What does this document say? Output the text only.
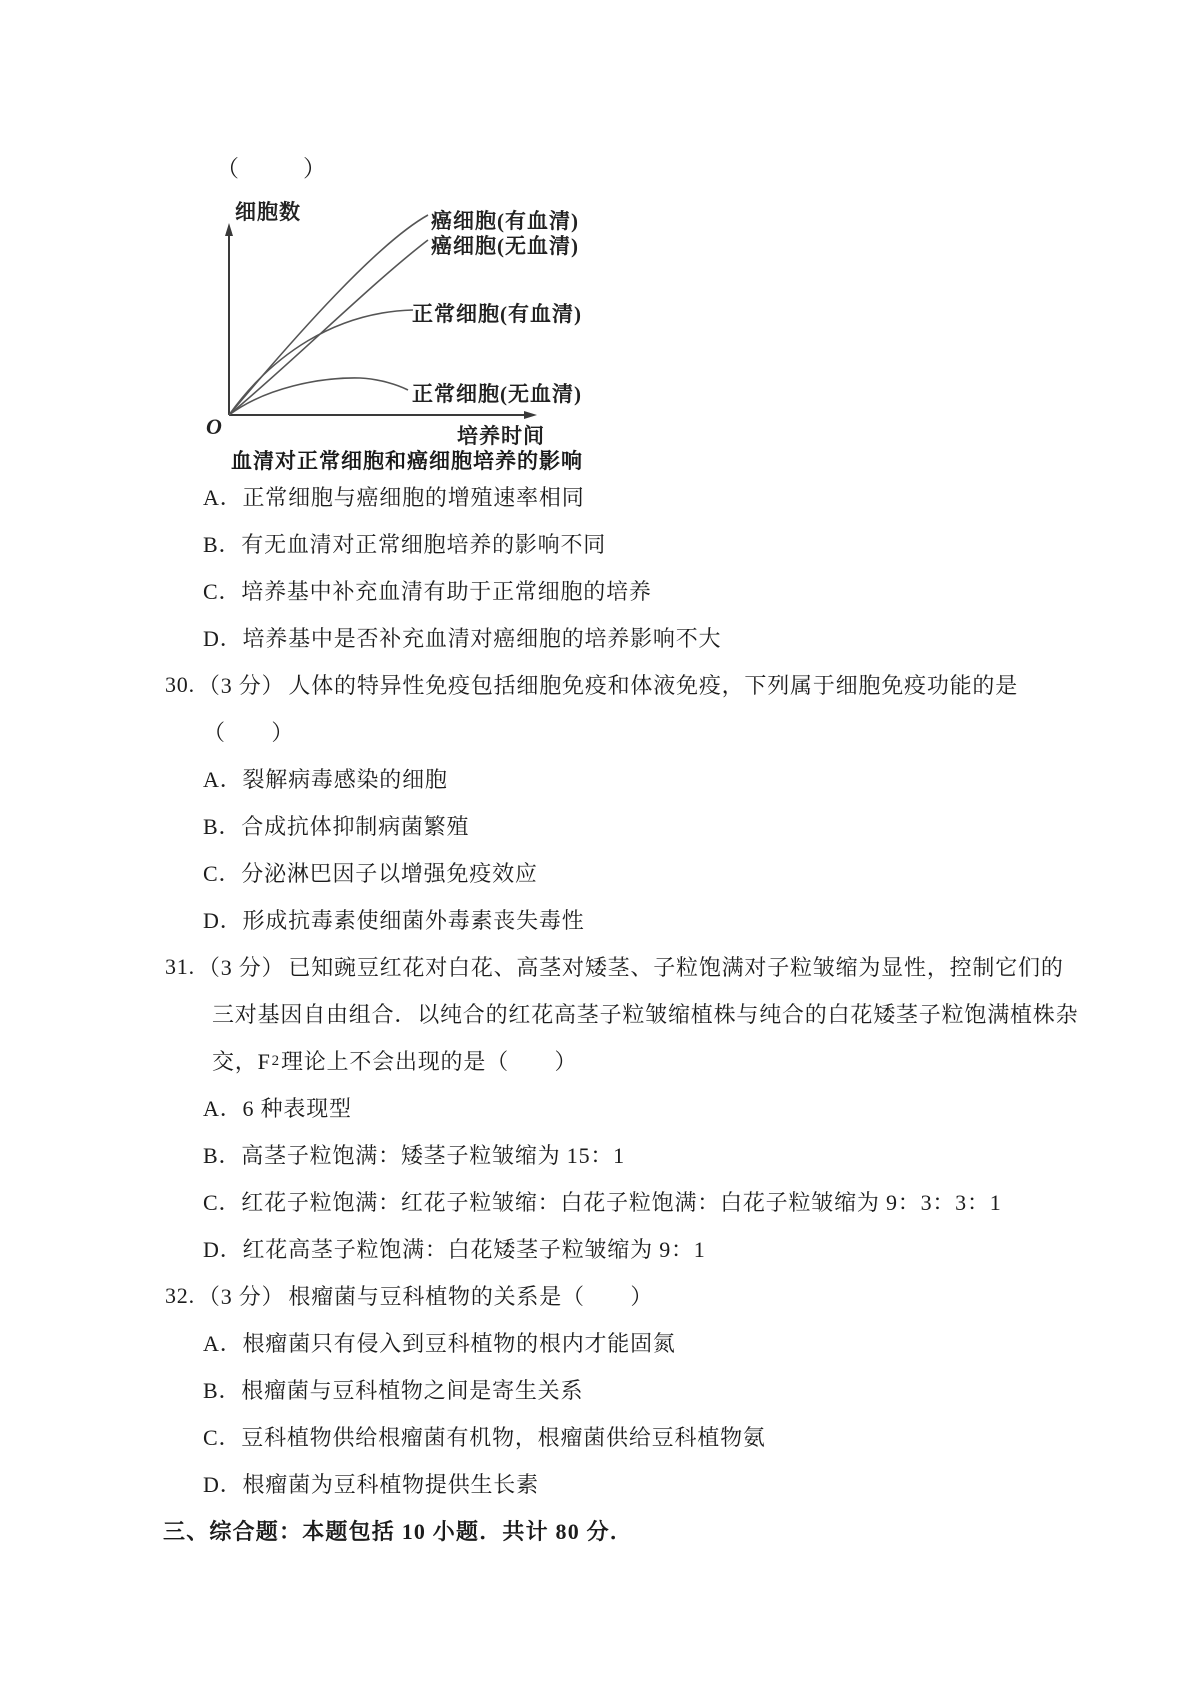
（　　）
细胞数	癌细胞(有血清)
癌细胞(无血清)
正常细胞(有血清)
正常细胞(无血清)
O	培养时间
血清对正常细胞和癌细胞培养的影响
A．正常细胞与癌细胞的增殖速率相同
B．有无血清对正常细胞培养的影响不同
C．培养基中补充血清有助于正常细胞的培养
D．培养基中是否补充血清对癌细胞的培养影响不大
30. （3 分） 人体的特异性免疫包括细胞免疫和体液免疫，下列属于细胞免疫功能的是
（　　）
A．裂解病毒感染的细胞
B．合成抗体抑制病菌繁殖
C．分泌淋巴因子以增强免疫效应
D．形成抗毒素使细菌外毒素丧失毒性
31. （3 分） 已知豌豆红花对白花、高茎对矮茎、子粒饱满对子粒皱缩为显性，控制它们的
三对基因自由组合．以纯合的红花高茎子粒皱缩植株与纯合的白花矮茎子粒饱满植株杂
交，F 2 理论上不会出现的是（　　）
A．6 种表现型
B．高茎子粒饱满：矮茎子粒皱缩为 15：1
C．红花子粒饱满：红花子粒皱缩：白花子粒饱满：白花子粒皱缩为 9：3：3：1
D．红花高茎子粒饱满：白花矮茎子粒皱缩为 9：1
32. （3 分） 根瘤菌与豆科植物的关系是（　　）
A．根瘤菌只有侵入到豆科植物的根内才能固氮
B．根瘤菌与豆科植物之间是寄生关系
C．豆科植物供给根瘤菌有机物，根瘤菌供给豆科植物氨
D．根瘤菌为豆科植物提供生长素
三、综合题：本题包括 10 小题．共计 80 分．
